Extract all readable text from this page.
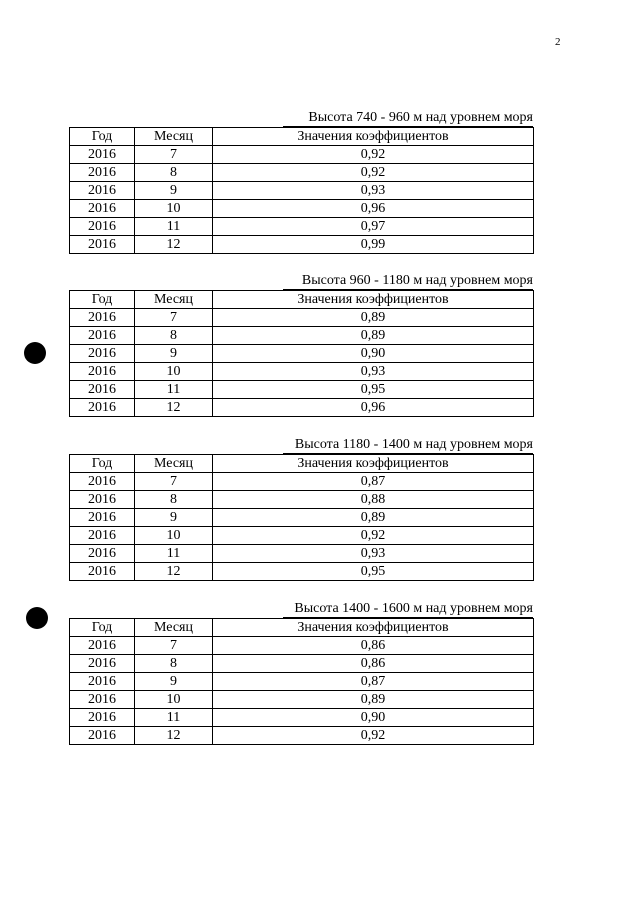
2
Высота 740 - 960 м над уровнем моря
Год	Месяц	Значения коэффициентов
2016	7	0,92
2016	8	0,92
2016	9	0,93
2016	10	0,96
2016	11	0,97
2016	12	0,99
Высота 960 - 1180 м над уровнем моря
Год	Месяц	Значения коэффициентов
2016	7	0,89
2016	8	0,89
2016	9	0,90
2016	10	0,93
2016	11	0,95
2016	12	0,96
Высота 1180 - 1400 м над уровнем моря
Год	Месяц	Значения коэффициентов
2016	7	0,87
2016	8	0,88
2016	9	0,89
2016	10	0,92
2016	11	0,93
2016	12	0,95
Высота 1400 - 1600 м над уровнем моря
Год	Месяц	Значения коэффициентов
2016	7	0,86
2016	8	0,86
2016	9	0,87
2016	10	0,89
2016	11	0,90
2016	12	0,92
